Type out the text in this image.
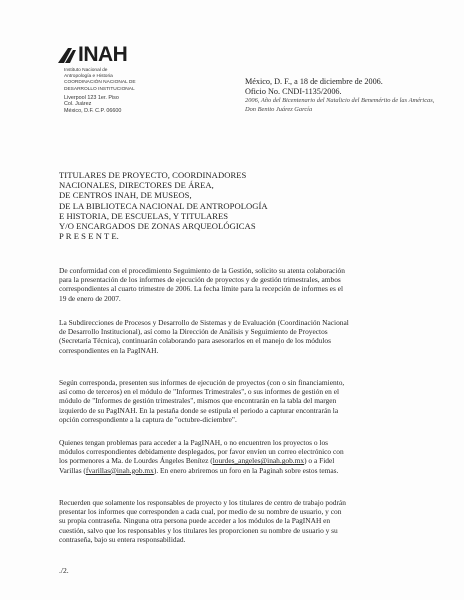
INAH
Instituto Nacional de
Antropología e Historia
COORDINACIÓN NACIONAL DE
DESARROLLO INSTITUCIONAL
Liverpool 123 1er. Piso
Col. Juárez
México, D.F. C.P. 06600
México, D. F., a 18 de diciembre de 2006.
Oficio No. CNDI-1135/2006.
2006, Año del Bicentenario del Natalicio del Benemérito de las Américas,
Don Benito Juárez García
TITULARES DE PROYECTO, COORDINADORES
NACIONALES, DIRECTORES DE ÁREA,
DE CENTROS INAH, DE MUSEOS,
DE LA BIBLIOTECA NACIONAL DE ANTROPOLOGÍA
E HISTORIA, DE ESCUELAS, Y TITULARES
Y/O ENCARGADOS DE ZONAS ARQUEOLÓGICAS
P R E S E N T E.
De conformidad con el procedimiento Seguimiento de la Gestión, solicito su atenta colaboración
para la presentación de los informes de ejecución de proyectos y de gestión trimestrales, ambos
correspondientes al cuarto trimestre de 2006. La fecha límite para la recepción de informes es el
19 de enero de 2007.
La Subdirecciones de Procesos y Desarrollo de Sistemas y de Evaluación (Coordinación Nacional
de Desarrollo Institucional), así como la Dirección de Análisis y Seguimiento de Proyectos
(Secretaría Técnica), continuarán colaborando para asesorarlos en el manejo de los módulos
correspondientes en la PagINAH.
Según corresponda, presenten sus informes de ejecución de proyectos (con o sin financiamiento,
así como de terceros) en el módulo de "Informes Trimestrales", o sus informes de gestión en el
módulo de "Informes de gestión trimestrales", mismos que encontrarán en la tabla del margen
izquierdo de su PagINAH. En la pestaña donde se estipula el periodo a capturar encontrarán la
opción correspondiente a la captura de "octubre-diciembre".
Quienes tengan problemas para acceder a la PagINAH, o no encuentren los proyectos o los
módulos correspondientes debidamente desplegados, por favor envíen un correo electrónico con
los pormenores a Ma. de Lourdes Ángeles Benítez (lourdes_angeles@inah.gob.mx) o a Fidel
Varillas (fvarillas@inah.gob.mx). En enero abriremos un foro en la Paginah sobre estos temas.
Recuerden que solamente los responsables de proyecto y los titulares de centro de trabajo podrán
presentar los informes que corresponden a cada cual, por medio de su nombre de usuario, y con
su propia contraseña. Ninguna otra persona puede acceder a los módulos de la PagINAH en
cuestión, salvo que los responsables y los titulares les proporcionen su nombre de usuario y su
contraseña, bajo su entera responsabilidad.
./2.
